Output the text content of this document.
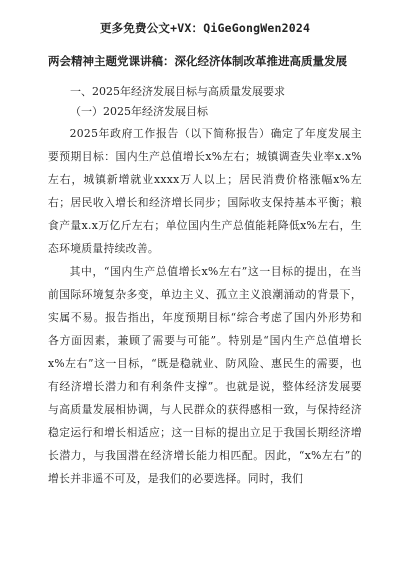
更多免费公文+VX：QiGeGongWen2024
两会精神主题党课讲稿：深化经济体制改革推进高质量发展

一、2025年经济发展目标与高质量发展要求

（一）2025年经济发展目标

2025年政府工作报告（以下简称报告）确定了年度发展主要预期目标：国内生产总值增长x%左右；城镇调查失业率x.x%左右，城镇新增就业xxxx万人以上；居民消费价格涨幅x%左右；居民收入增长和经济增长同步；国际收支保持基本平衡；粮食产量x.x万亿斤左右；单位国内生产总值能耗降低x%左右，生态环境质量持续改善。

其中，“国内生产总值增长x%左右”这一目标的提出，在当前国际环境复杂多变，单边主义、孤立主义浪潮涌动的背景下，实属不易。报告指出，年度预期目标“综合考虑了国内外形势和各方面因素，兼顾了需要与可能”。特别是“国内生产总值增长x%左右”这一目标，“既是稳就业、防风险、惠民生的需要，也有经济增长潜力和有利条件支撑”。也就是说，整体经济发展要与高质量发展相协调，与人民群众的获得感相一致，与保持经济稳定运行和增长相适应；这一目标的提出立足于我国长期经济增长潜力，与我国潜在经济增长能力相匹配。因此，“x%左右”的增长并非遥不可及，是我们的必要选择。同时，我们
